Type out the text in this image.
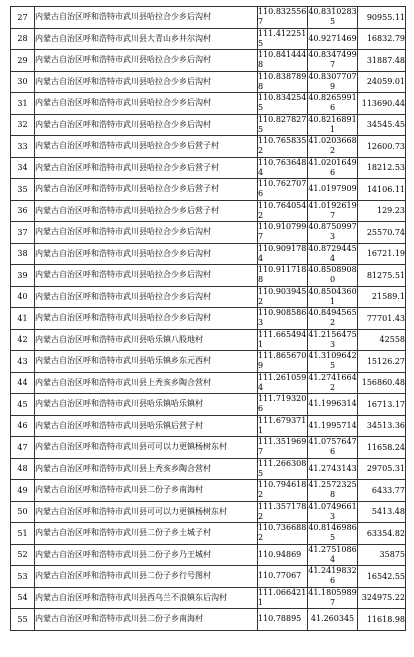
27	内蒙古自治区呼和浩特市武川县哈拉合少乡后沟村	110.8325567	40.83102835	90955.11

28	内蒙古自治区呼和浩特市武川县大青山乡井尔沟村	111.4122515	40.9271469	16832.79

29	内蒙古自治区呼和浩特市武川县哈拉合少乡后沟村	110.8414448	40.83474997	31887.48

30	内蒙古自治区呼和浩特市武川县哈拉合少乡后沟村	110.8387898	40.83077079	24059.01

31	内蒙古自治区呼和浩特市武川县哈拉合少乡后沟村	110.8342545	40.82659916	113690.44

32	内蒙古自治区呼和浩特市武川县哈拉合少乡后沟村	110.8278275	40.82168911	34545.45

33	内蒙古自治区呼和浩特市武川县哈拉合少乡后营子村	110.7658352	41.02036682	12600.73

34	内蒙古自治区呼和浩特市武川县哈拉合少乡后营子村	110.7636484	41.02016496	18212.53

35	内蒙古自治区呼和浩特市武川县哈拉合少乡后营子村	110.7627076	41.0197909	14106.11

36	内蒙古自治区呼和浩特市武川县哈拉合少乡后营子村	110.7640542	41.01926197	129.23

37	内蒙古自治区呼和浩特市武川县哈拉合少乡后沟村	110.9107997	40.87509973	25570.74

38	内蒙古自治区呼和浩特市武川县哈拉合少乡后沟村	110.9091784	40.87294454	16721.19

39	内蒙古自治区呼和浩特市武川县哈拉合少乡后沟村	110.9117188	40.85089080	81275.51

40	内蒙古自治区呼和浩特市武川县哈拉合少乡后沟村	110.9039452	40.85043601	21589.1

41	内蒙古自治区呼和浩特市武川县哈拉合少乡后沟村	110.9085863	40.84945652	77701.43

42	内蒙古自治区呼和浩特市武川县哈乐镇八股地村	111.6654941	41.21564753	42558

43	内蒙古自治区呼和浩特市武川县哈乐镇乡东元西村	111.8656709	41.31096425	15126.27

44	内蒙古自治区呼和浩特市武川县上秃亥乡陶合营村	111.2610594	41.27416642	156860.48

45	内蒙古自治区呼和浩特市武川县哈乐镇哈乐镇村	111.7193206	41.1996314	16713.17

46	内蒙古自治区呼和浩特市武川县哈乐镇后营子村	111.6793711	41.1995714	34513.36

47	内蒙古自治区呼和浩特市武川县可可以力更镇杨树东村	111.3519697	41.07576476	11658.24

48	内蒙古自治区呼和浩特市武川县上秃亥乡陶合营村	111.2663085	41.2743143	29705.31

49	内蒙古自治区呼和浩特市武川县二份子乡南海村	110.7946182	41.25723258	6433.77

50	内蒙古自治区呼和浩特市武川县可可以力更镇杨树东村	111.3571782	41.07496613	5413.48

51	内蒙古自治区呼和浩特市武川县二份子乡土城子村	110.7366882	40.81469865	63354.82

52	内蒙古自治区呼和浩特市武川县二份子乡乃王城村	110.94869	41.27510864	35875

53	内蒙古自治区呼和浩特市武川县二份子乡行号图村	110.77067	41.24198326	16542.55

54	内蒙古自治区呼和浩特市武川县西乌兰不浪镇东后沟村	111.0664211	41.18059897	324975.22

55	内蒙古自治区呼和浩特市武川县二份子乡南海村	110.78895	41.260345	11618.98
